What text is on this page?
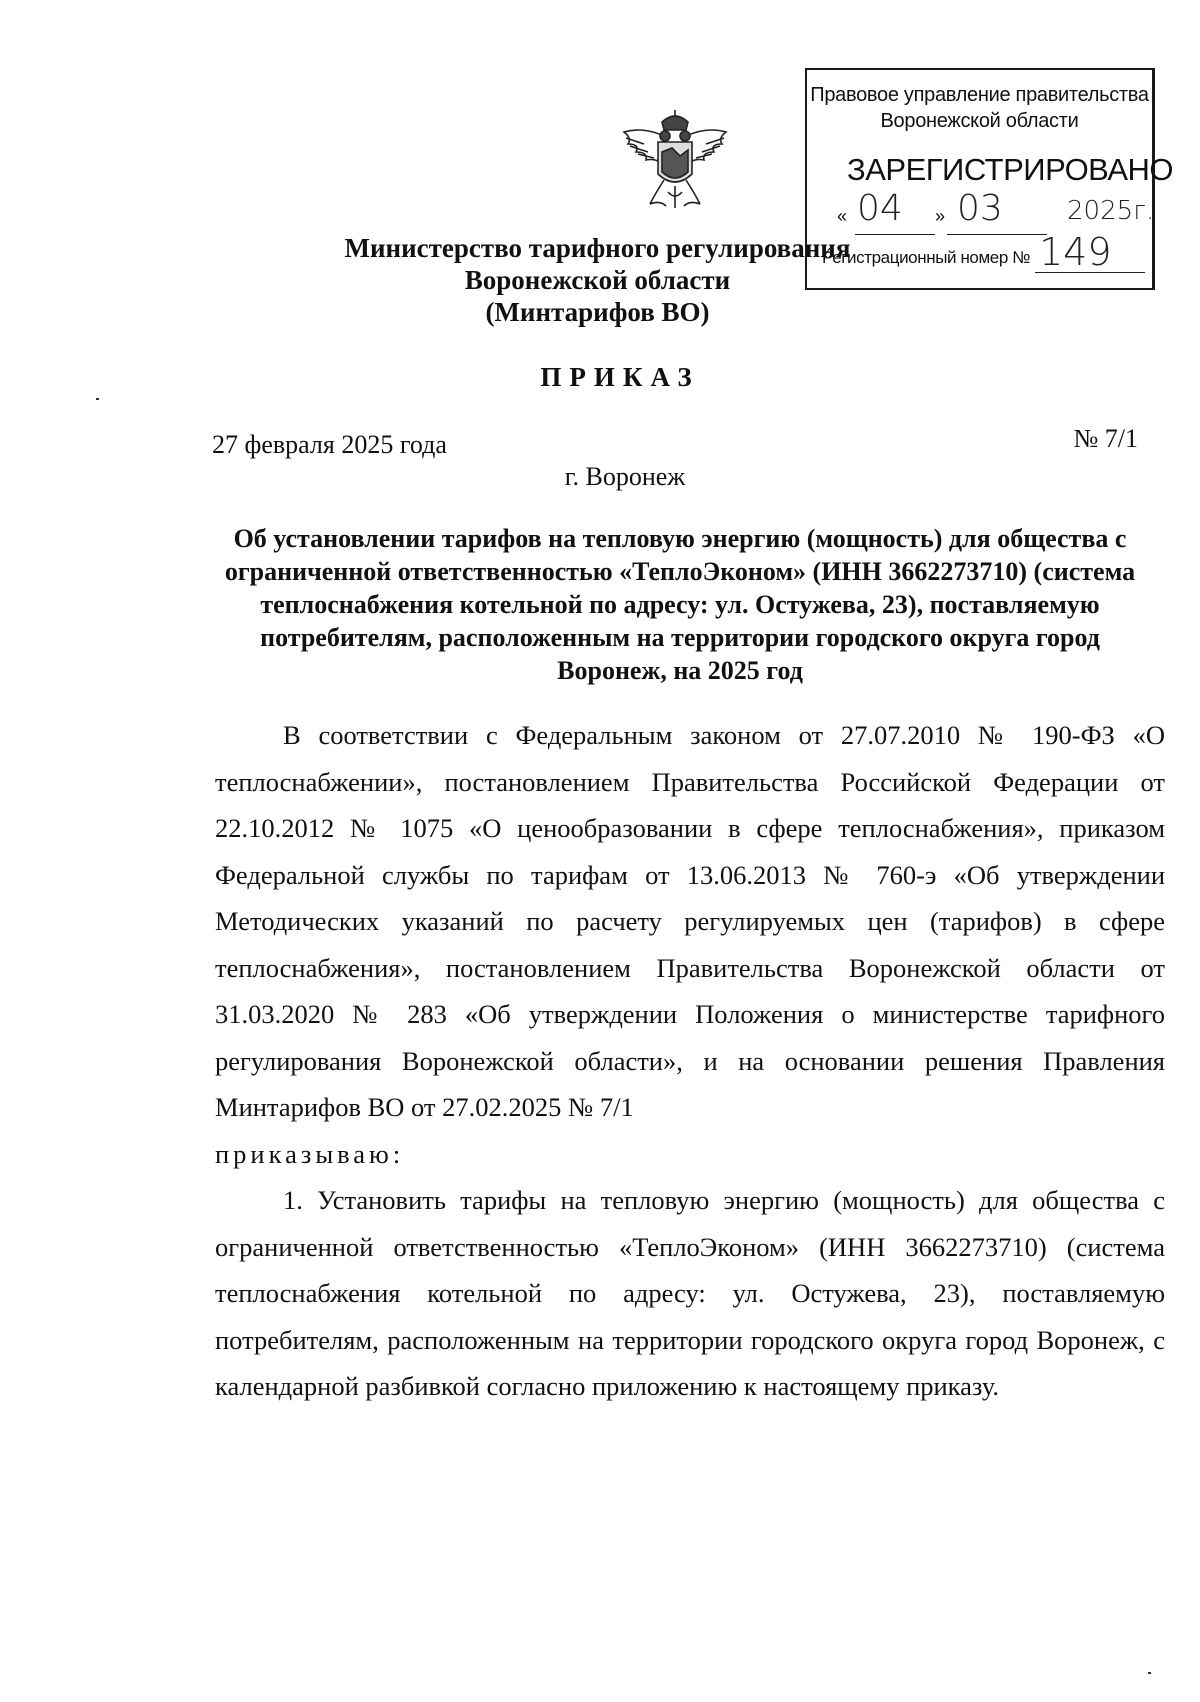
Правовое управление правительства
Воронежской области
ЗАРЕГИСТРИРОВАНО
« 04 » 03 2025г.
Регистрационный номер № 149
Министерство тарифного регулирования
Воронежской области
(Минтарифов ВО)
ПРИКАЗ
27 февраля 2025 года	№ 7/1
г. Воронеж
Об установлении тарифов на тепловую энергию (мощность) для общества с ограниченной ответственностью «ТеплоЭконом» (ИНН 3662273710) (система теплоснабжения котельной по адресу: ул. Остужева, 23), поставляемую потребителям, расположенным на территории городского округа город Воронеж, на 2025 год

В соответствии с Федеральным законом от 27.07.2010 № 190-ФЗ «О теплоснабжении», постановлением Правительства Российской Федерации от 22.10.2012 № 1075 «О ценообразовании в сфере теплоснабжения», приказом Федеральной службы по тарифам от 13.06.2013 № 760-э «Об утверждении Методических указаний по расчету регулируемых цен (тарифов) в сфере теплоснабжения», постановлением Правительства Воронежской области от 31.03.2020 № 283 «Об утверждении Положения о министерстве тарифного регулирования Воронежской области», и на основании решения Правления Минтарифов ВО от 27.02.2025 № 7/1

приказываю:

1. Установить тарифы на тепловую энергию (мощность) для общества с ограниченной ответственностью «ТеплоЭконом» (ИНН 3662273710) (система теплоснабжения котельной по адресу: ул. Остужева, 23), поставляемую потребителям, расположенным на территории городского округа город Воронеж, с календарной разбивкой согласно приложению к настоящему приказу.
